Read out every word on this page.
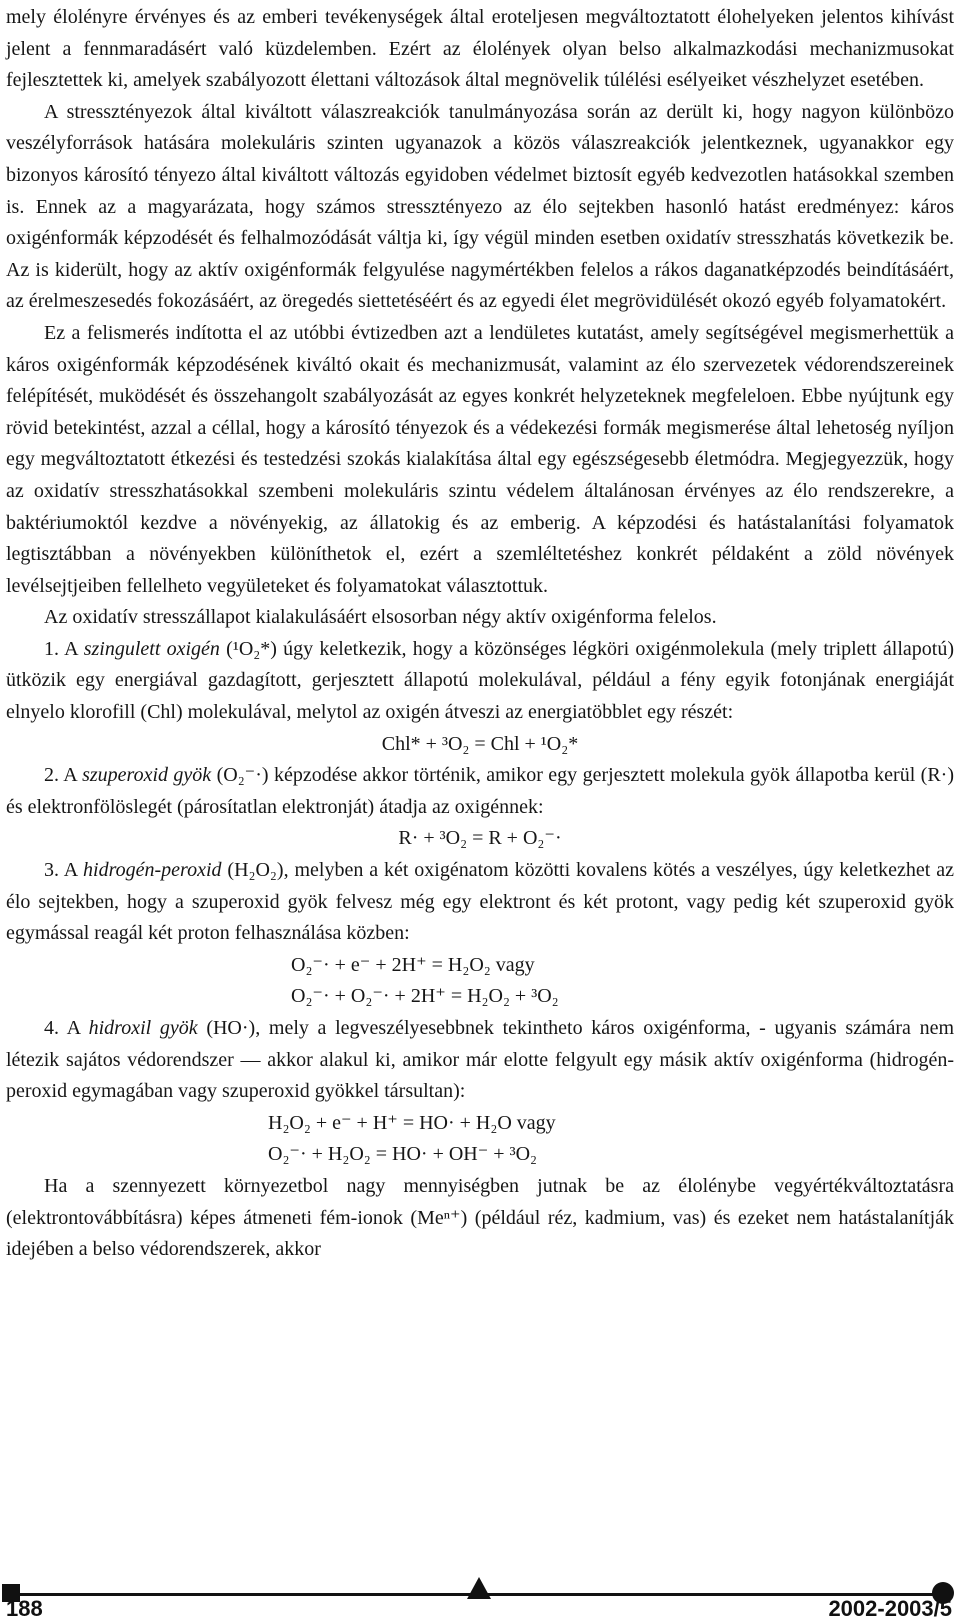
mely élolényre érvényes és az emberi tevékenységek által eroteljesen megváltoztatott élohelyeken jelentos kihívást jelent a fennmaradásért való küzdelemben. Ezért az élolények olyan belso alkalmazkodási mechanizmusokat fejlesztettek ki, amelyek szabályozott élettani változások által megnövelik túlélési esélyeiket vészhelyzet esetében.

A stressztényezok által kiváltott válaszreakciók tanulmányozása során az derült ki, hogy nagyon különbözo veszélyforrások hatására molekuláris szinten ugyanazok a közös válaszreakciók jelentkeznek, ugyanakkor egy bizonyos károsító tényezo által kiváltott változás egyidoben védelmet biztosít egyéb kedvezotlen hatásokkal szemben is. Ennek az a magyarázata, hogy számos stressztényezo az élo sejtekben hasonló hatást eredményez: káros oxigénformák képzodését és felhalmozódását váltja ki, így végül minden esetben oxidatív stresszhatás következik be. Az is kiderült, hogy az aktív oxigénformák felgyulése nagymértékben felelos a rákos daganatképzodés beindításáért, az érelmeszesedés fokozásáért, az öregedés siettetéséért és az egyedi élet megrövidülését okozó egyéb folyamatokért.

Ez a felismerés indította el az utóbbi évtizedben azt a lendületes kutatást, amely segítségével megismerhettük a káros oxigénformák képzodésének kiváltó okait és mechanizmusát, valamint az élo szervezetek védorendszereinek felépítését, muködését és összehangolt szabályozását az egyes konkrét helyzeteknek megfeleloen. Ebbe nyújtunk egy rövid betekintést, azzal a céllal, hogy a károsító tényezok és a védekezési formák megismerése által lehetoség nyíljon egy megváltoztatott étkezési és testedzési szokás kialakítása által egy egészségesebb életmódra. Megjegyezzük, hogy az oxidatív stresszhatásokkal szembeni molekuláris szintu védelem általánosan érvényes az élo rendszerekre, a baktériumoktól kezdve a növényekig, az állatokig és az emberig. A képzodési és hatástalanítási folyamatok legtisztábban a növényekben különíthetok el, ezért a szemléltetéshez konkrét példaként a zöld növények levélsejtjeiben fellelheto vegyületeket és folyamatokat választottuk.

Az oxidatív stresszállapot kialakulásáért elsosorban négy aktív oxigénforma felelos.

1. A szingulett oxigén (¹O₂*) úgy keletkezik, hogy a közönséges légköri oxigénmolekula (mely triplett állapotú) ütközik egy energiával gazdagított, gerjesztett állapotú molekulával, például a fény egyik fotonjának energiáját elnyelo klorofill (Chl) molekulával, melytol az oxigén átveszi az energiatöbblet egy részét:

Chl* + ³O₂ = Chl + ¹O₂*

2. A szuperoxid gyök (O₂⁻·) képzodése akkor történik, amikor egy gerjesztett molekula gyök állapotba kerül (R·) és elektronfölöslegét (párosítatlan elektronját) átadja az oxigénnek:

R· + ³O₂ = R + O₂⁻·

3. A hidrogén-peroxid (H₂O₂), melyben a két oxigénatom közötti kovalens kötés a veszélyes, úgy keletkezhet az élo sejtekben, hogy a szuperoxid gyök felvesz még egy elektront és két protont, vagy pedig két szuperoxid gyök egymással reagál két proton felhasználása közben:

O₂⁻· + e⁻ + 2H⁺ = H₂O₂ vagy

O₂⁻· + O₂⁻· + 2H⁺ = H₂O₂ + ³O₂

4. A hidroxil gyök (HO·), mely a legveszélyesebbnek tekintheto káros oxigénforma, - ugyanis számára nem létezik sajátos védorendszer — akkor alakul ki, amikor már elotte felgyult egy másik aktív oxigénforma (hidrogén-peroxid egymagában vagy szuperoxid gyökkel társultan):

H₂O₂ + e⁻ + H⁺ = HO· + H₂O vagy

O₂⁻· + H₂O₂ = HO· + OH⁻ + ³O₂

Ha a szennyezett környezetbol nagy mennyiségben jutnak be az élolénybe vegyértékváltoztatásra (elektrontovábbításra) képes átmeneti fém-ionok (Meⁿ⁺) (például réz, kadmium, vas) és ezeket nem hatástalanítják idejében a belso védorendszerek, akkor

188	2002-2003/5
